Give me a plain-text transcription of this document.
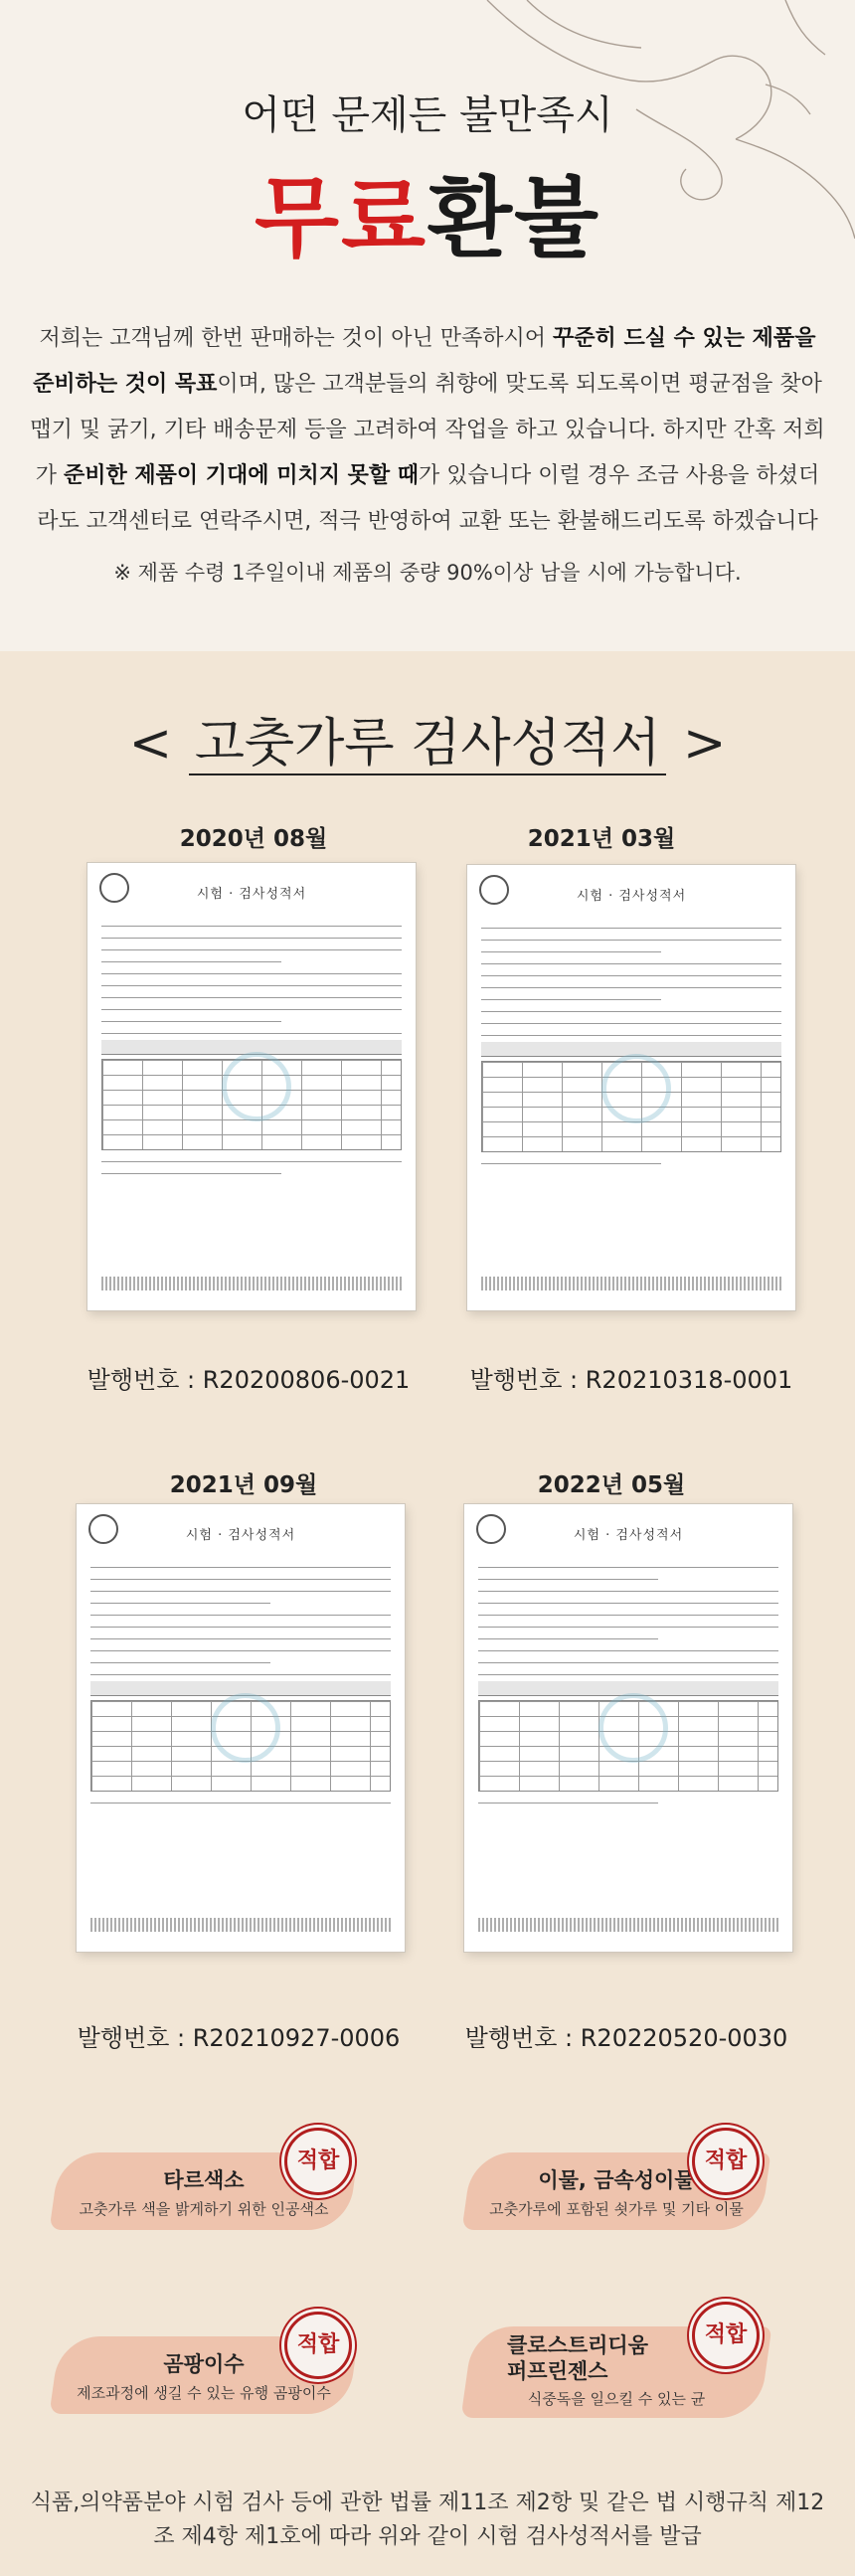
어떤 문제든 불만족시
무료환불
저희는 고객님께 한번 판매하는 것이 아닌 만족하시어 꾸준히 드실 수 있는 제품을 준비하는 것이 목표이며, 많은 고객분들의 취향에 맞도록 되도록이면 평균점을 찾아 맵기 및 굵기, 기타 배송문제 등을 고려하여 작업을 하고 있습니다. 하지만 간혹 저희가 준비한 제품이 기대에 미치지 못할 때가 있습니다 이럴 경우 조금 사용을 하셨더라도 고객센터로 연락주시면, 적극 반영하여 교환 또는 환불해드리도록 하겠습니다
※ 제품 수령 1주일이내 제품의 중량 90%이상 남을 시에 가능합니다.
< 고춧가루 검사성적서 >
2020년 08월
시험 · 검사성적서
발행번호 : R20200806-0021
2021년 03월
시험 · 검사성적서
발행번호 : R20210318-0001
2021년 09월
시험 · 검사성적서
발행번호 : R20210927-0006
2022년 05월
시험 · 검사성적서
발행번호 : R20220520-0030
타르색소
고춧가루 색을 밝게하기 위한 인공색소
적합
이물, 금속성이물
고춧가루에 포함된 쇳가루 및 기타 이물
적합
곰팡이수
제조과정에 생길 수 있는 유행 곰팡이수
적합	클로스트리디움
퍼프린젠스
식중독을 일으킬 수 있는 균
적합
식품,의약품분야 시험 검사 등에 관한 법률 제11조 제2항 및 같은 법 시행규칙 제12조 제4항 제1호에 따라 위와 같이 시험 검사성적서를 발급
